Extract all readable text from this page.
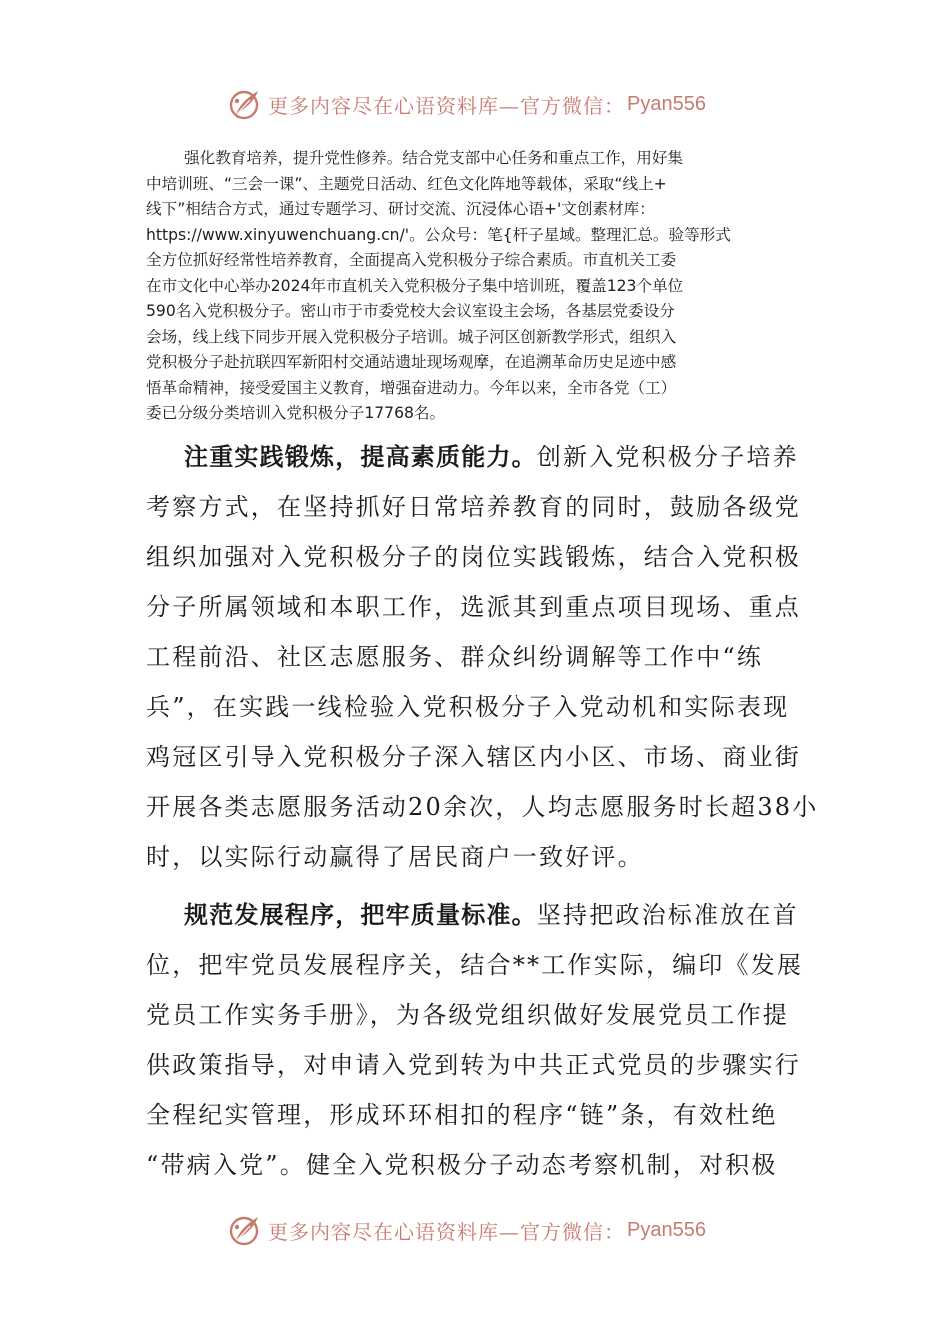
更多内容尽在心语资料库—官方微信： Pyan556
强化教育培养，提升党性修养。结合党支部中心任务和重点工作，用好集
中培训班、“三会一课”、主题党日活动、红色文化阵地等载体，采取“线上+
线下”相结合方式，通过专题学习、研讨交流、沉浸体心语+'文创素材库：
https://www.xinyuwenchuang.cn/'。公众号：笔{杆子星域。整理汇总。验等形式
全方位抓好经常性培养教育，全面提高入党积极分子综合素质。市直机关工委
在市文化中心举办2024年市直机关入党积极分子集中培训班，覆盖123个单位
590名入党积极分子。密山市于市委党校大会议室设主会场，各基层党委设分
会场，线上线下同步开展入党积极分子培训。城子河区创新教学形式，组织入
党积极分子赴抗联四军新阳村交通站遗址现场观摩，在追溯革命历史足迹中感
悟革命精神，接受爱国主义教育，增强奋进动力。今年以来，全市各党（工）
委已分级分类培训入党积极分子17768名。
注重实践锻炼，提高素质能力。创新入党积极分子培养
考察方式，在坚持抓好日常培养教育的同时，鼓励各级党
组织加强对入党积极分子的岗位实践锻炼，结合入党积极
分子所属领域和本职工作，选派其到重点项目现场、重点
工程前沿、社区志愿服务、群众纠纷调解等工作中“练
兵”，在实践一线检验入党积极分子入党动机和实际表现
鸡冠区引导入党积极分子深入辖区内小区、市场、商业街
开展各类志愿服务活动20余次，人均志愿服务时长超38小
时，以实际行动赢得了居民商户一致好评。
规范发展程序，把牢质量标准。坚持把政治标准放在首
位，把牢党员发展程序关，结合**工作实际，编印《发展
党员工作实务手册》，为各级党组织做好发展党员工作提
供政策指导，对申请入党到转为中共正式党员的步骤实行
全程纪实管理，形成环环相扣的程序“链”条，有效杜绝
“带病入党”。健全入党积极分子动态考察机制，对积极
更多内容尽在心语资料库—官方微信： Pyan556
